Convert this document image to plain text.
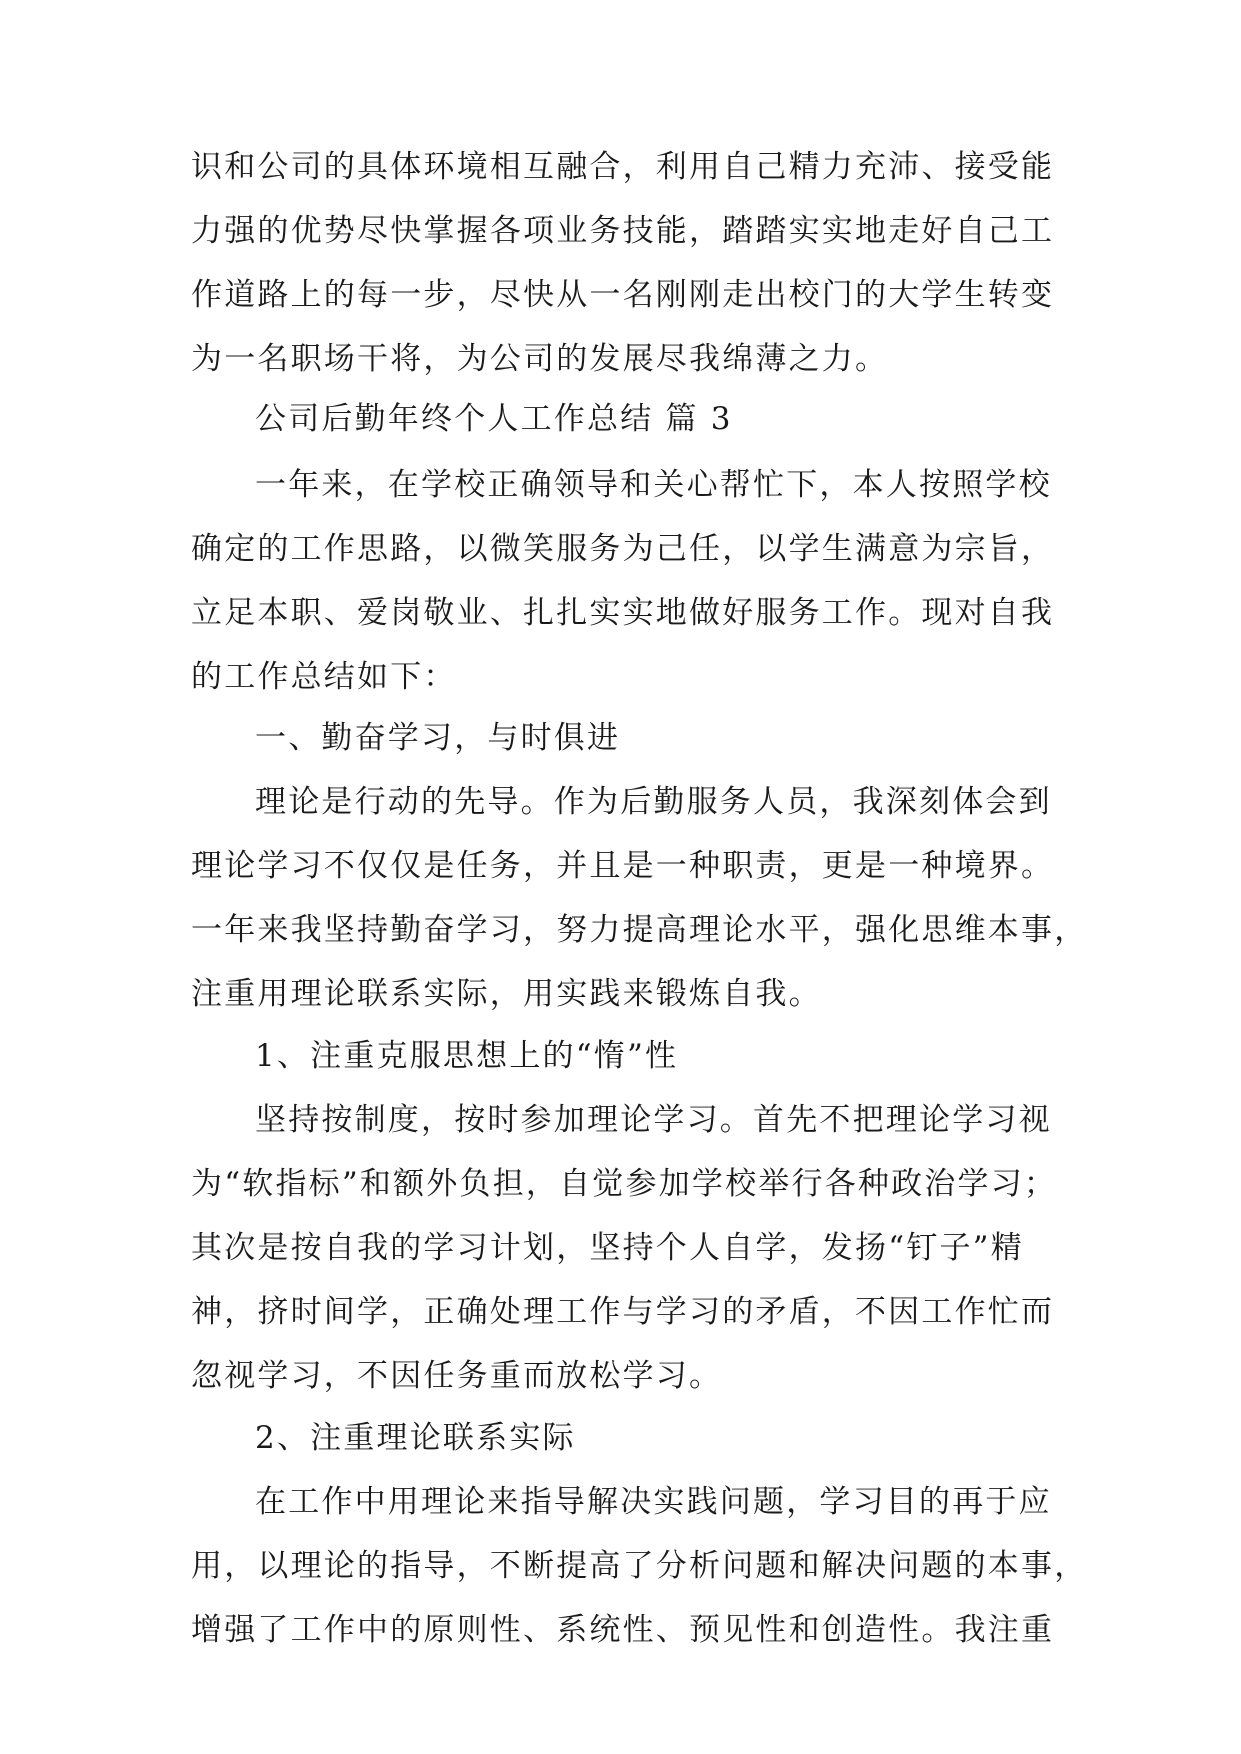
识和公司的具体环境相互融合，利用自己精力充沛、接受能
力强的优势尽快掌握各项业务技能，踏踏实实地走好自己工
作道路上的每一步，尽快从一名刚刚走出校门的大学生转变
为一名职场干将，为公司的发展尽我绵薄之力。
公司后勤年终个人工作总结 篇 3
一年来，在学校正确领导和关心帮忙下，本人按照学校
确定的工作思路，以微笑服务为己任，以学生满意为宗旨，
立足本职、爱岗敬业、扎扎实实地做好服务工作。现对自我
的工作总结如下：
一、勤奋学习，与时俱进
理论是行动的先导。作为后勤服务人员，我深刻体会到
理论学习不仅仅是任务，并且是一种职责，更是一种境界。
一年来我坚持勤奋学习，努力提高理论水平，强化思维本事，
注重用理论联系实际，用实践来锻炼自我。
1、注重克服思想上的“惰”性
坚持按制度，按时参加理论学习。首先不把理论学习视
为“软指标”和额外负担，自觉参加学校举行各种政治学习；
其次是按自我的学习计划，坚持个人自学，发扬“钉子”精
神，挤时间学，正确处理工作与学习的矛盾，不因工作忙而
忽视学习，不因任务重而放松学习。
2、注重理论联系实际
在工作中用理论来指导解决实践问题，学习目的再于应
用，以理论的指导，不断提高了分析问题和解决问题的本事，
增强了工作中的原则性、系统性、预见性和创造性。我注重
